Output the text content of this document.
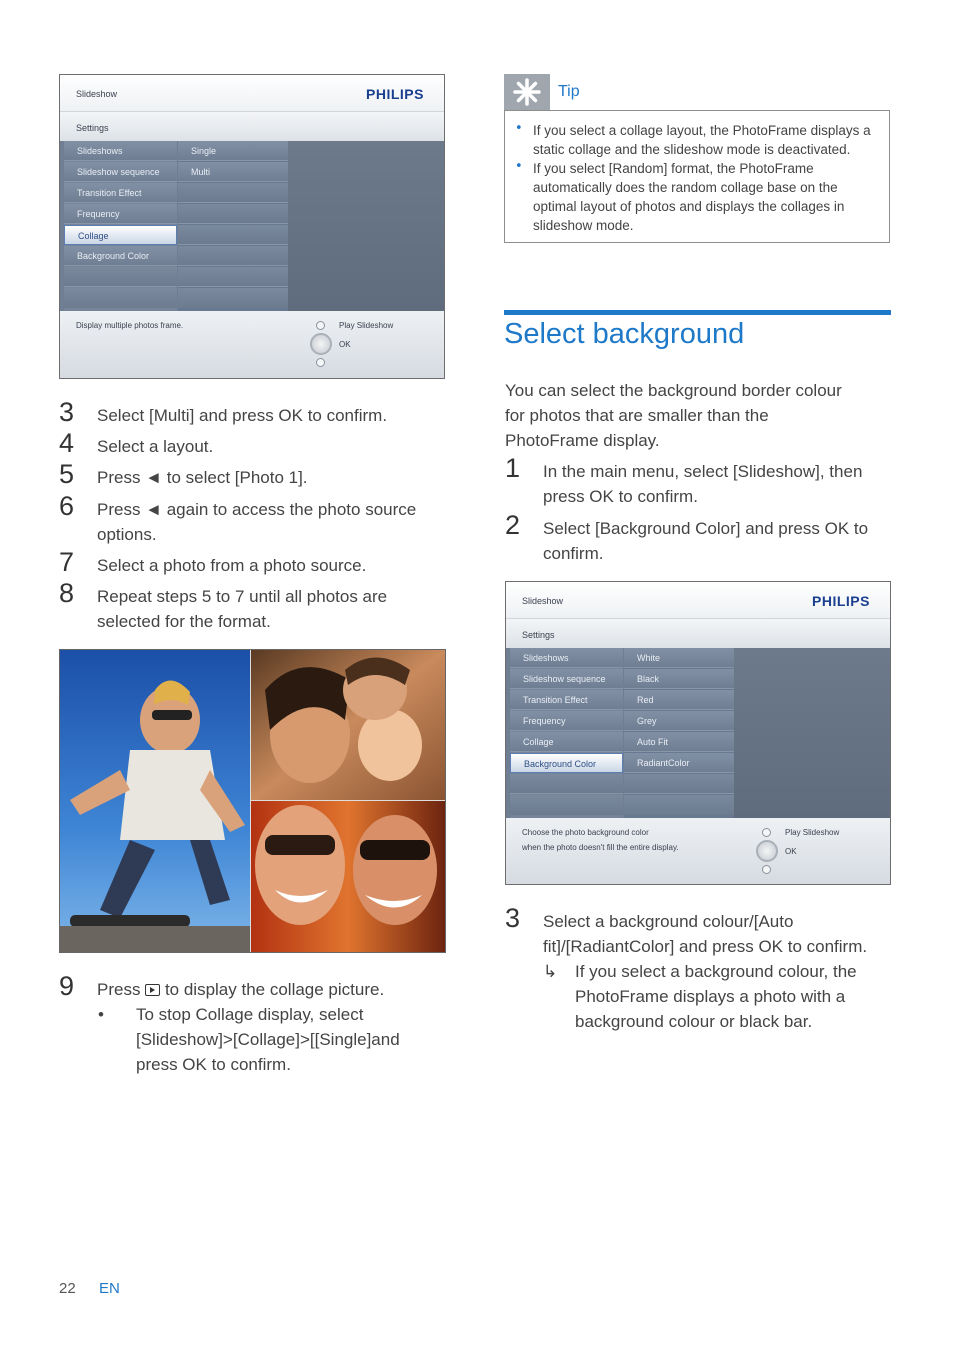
Slideshow	PHILIPS
Settings
Slideshows
Slideshow sequence
Transition Effect
Frequency
Collage
Background Color
Single
Multi
Display multiple photos frame.	Play Slideshow
OK
3 Select [Multi] and press OK to confirm.
4 Select a layout.
5 Press ◄ to select [Photo 1].
6 Press ◄ again to access the photo source options.
7 Select a photo from a photo source.
8 Repeat steps 5 to 7 until all photos are selected for the format.
9 Press to display the collage picture.
• To stop Collage display, select [Slideshow]>[Collage]>[[Single]and press OK to confirm.
Tip
• If you select a collage layout, the PhotoFrame displays a static collage and the slideshow mode is deactivated.
• If you select [Random] format, the PhotoFrame automatically does the random collage base on the optimal layout of photos and displays the collages in slideshow mode.
Select background

You can select the background border colour for photos that are smaller than the PhotoFrame display.

1 In the main menu, select [Slideshow], then press OK to confirm.
2 Select [Background Color] and press OK to confirm.
Slideshow	PHILIPS
Settings
Slideshows
Slideshow sequence
Transition Effect
Frequency
Collage
Background Color
White
Black
Red
Grey
Auto Fit
RadiantColor
Choose the photo background color
when the photo doesn't fill the entire display.
Play Slideshow
OK
3 Select a background colour/[Auto fit]/[RadiantColor] and press OK to confirm.
↳ If you select a background colour, the PhotoFrame displays a photo with a background colour or black bar.
22 EN
